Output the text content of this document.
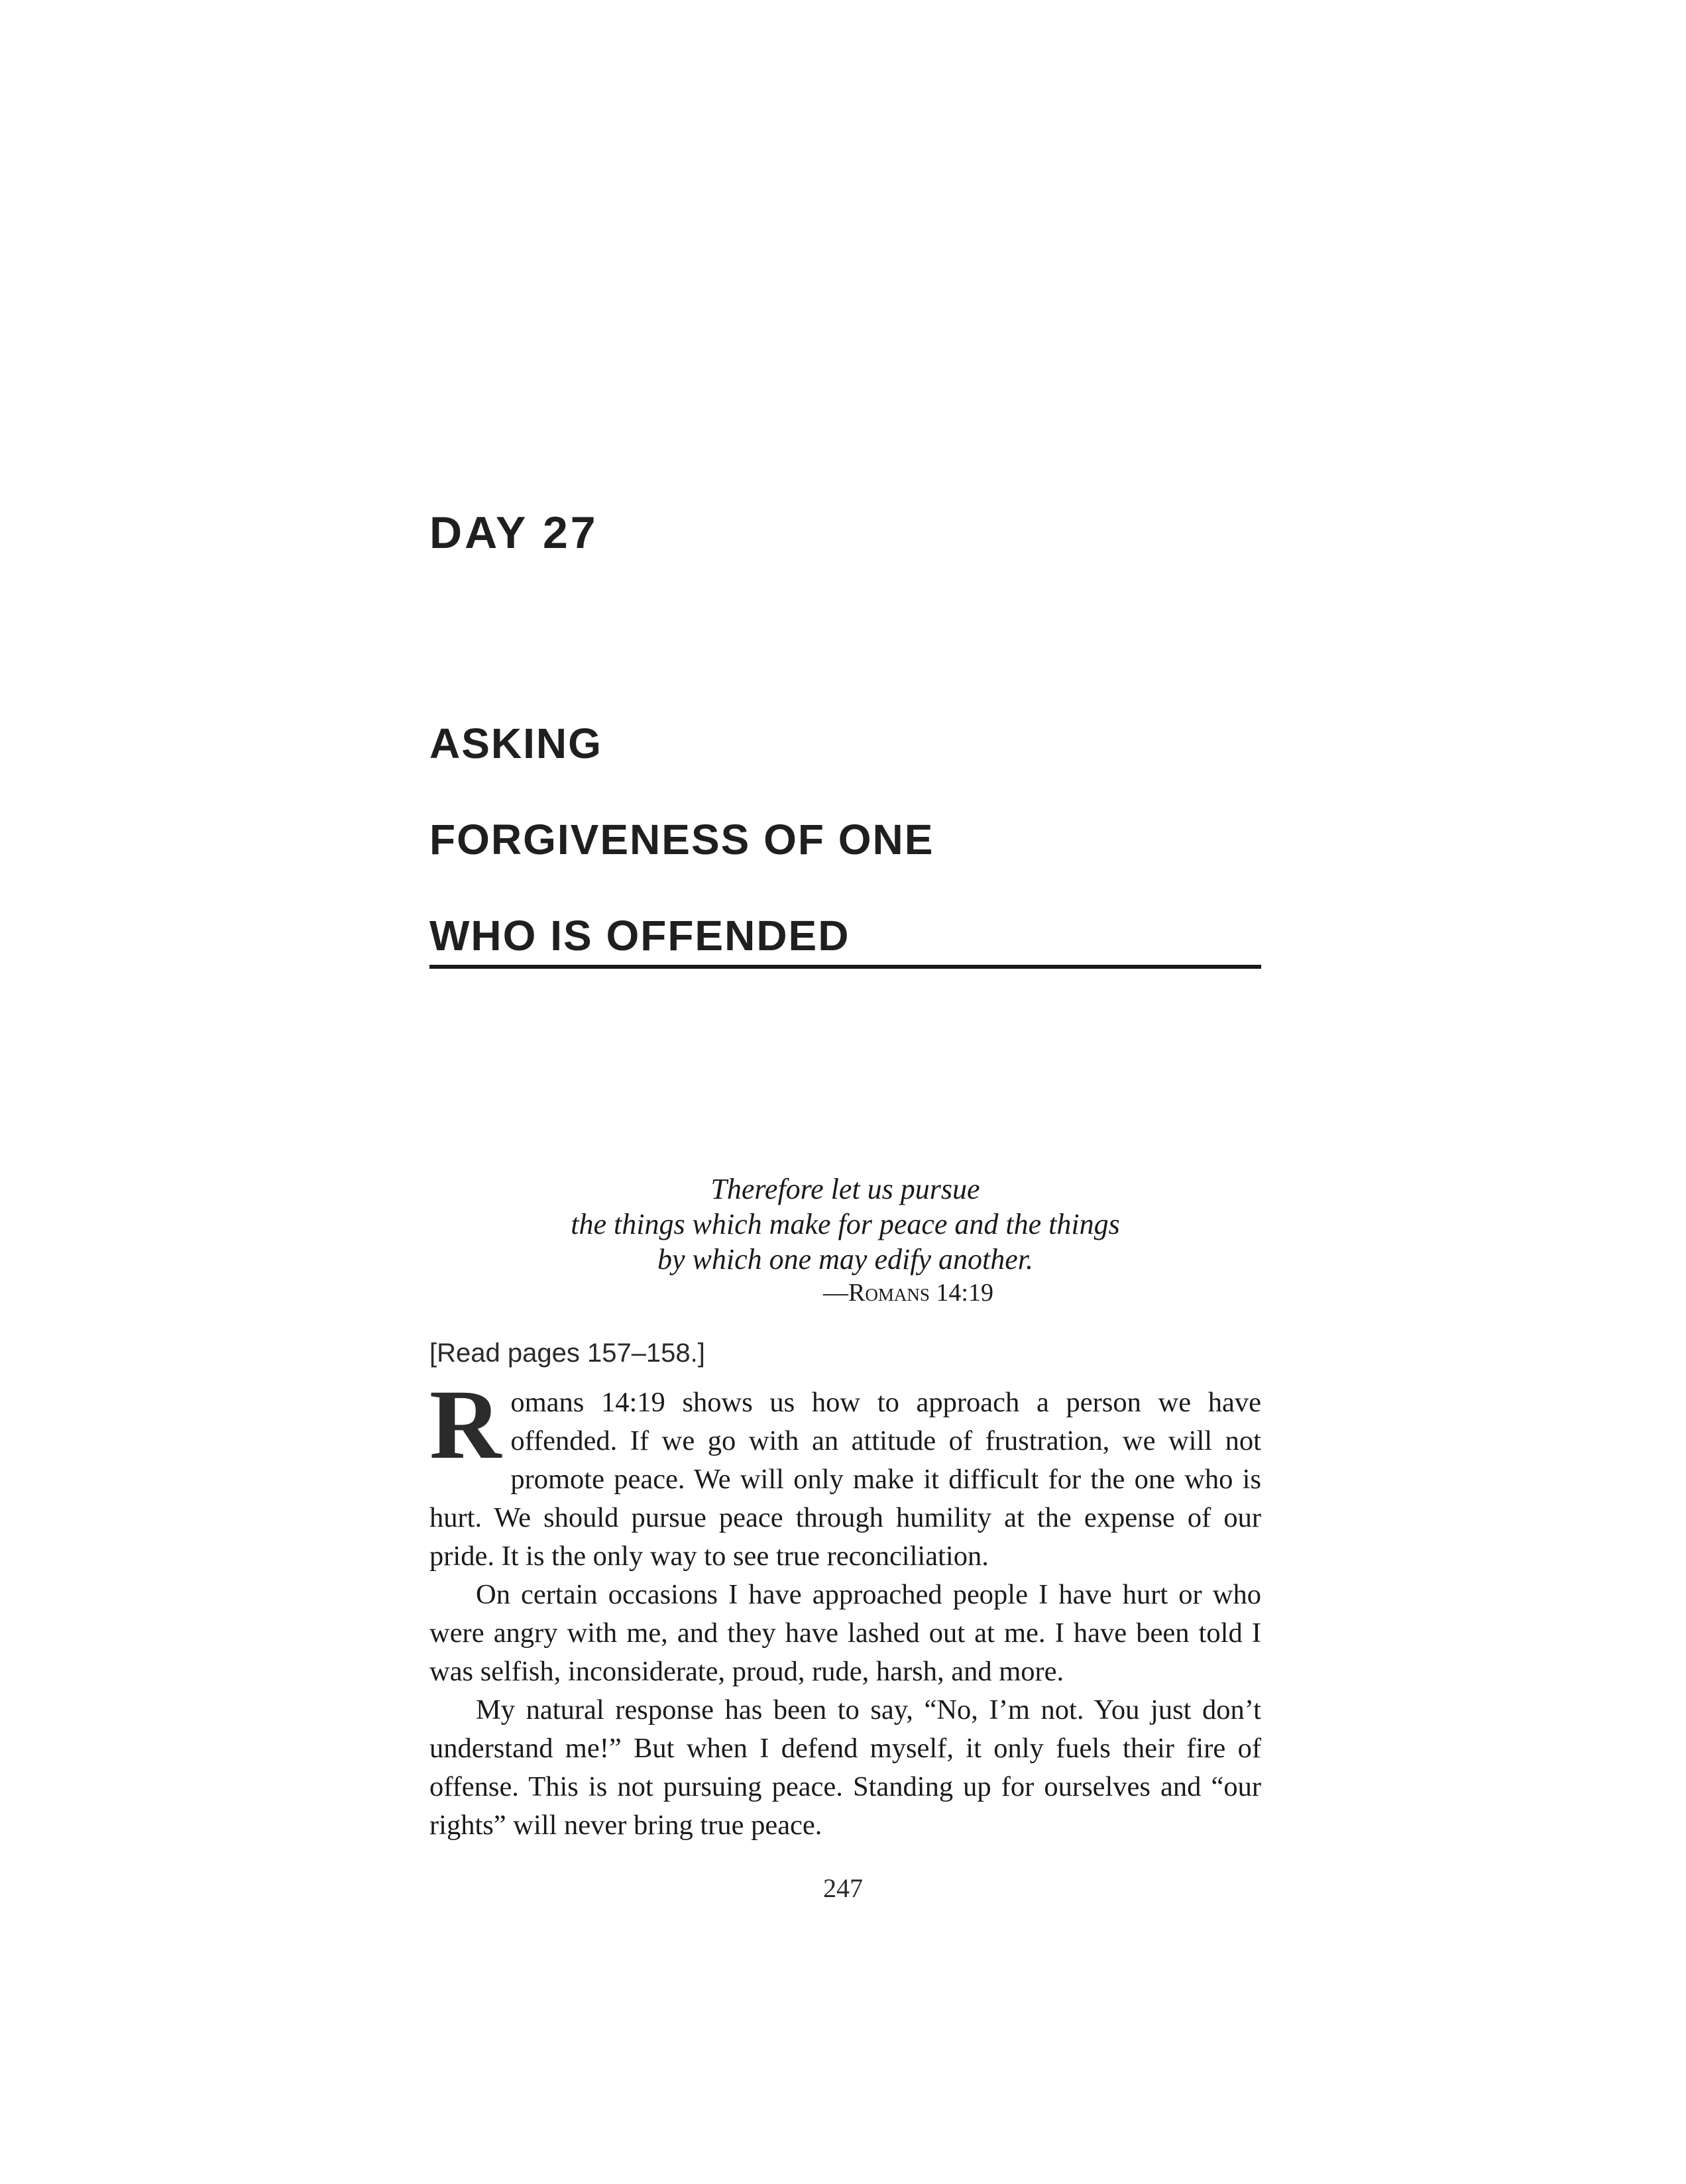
DAY 27
ASKING
FORGIVENESS OF ONE
WHO IS OFFENDED
Therefore let us pursue
the things which make for peace and the things
by which one may edify another.
—Romans 14:19
[Read pages 157–158.]

Romans 14:19 shows us how to approach a person we have offended. If we go with an attitude of frustration, we will not promote peace. We will only make it difficult for the one who is hurt. We should pursue peace through humility at the expense of our pride. It is the only way to see true reconciliation.

On certain occasions I have approached people I have hurt or who were angry with me, and they have lashed out at me. I have been told I was selfish, inconsiderate, proud, rude, harsh, and more.

My natural response has been to say, “No, I’m not. You just don’t understand me!” But when I defend myself, it only fuels their fire of offense. This is not pursuing peace. Standing up for ourselves and “our rights” will never bring true peace.

247
